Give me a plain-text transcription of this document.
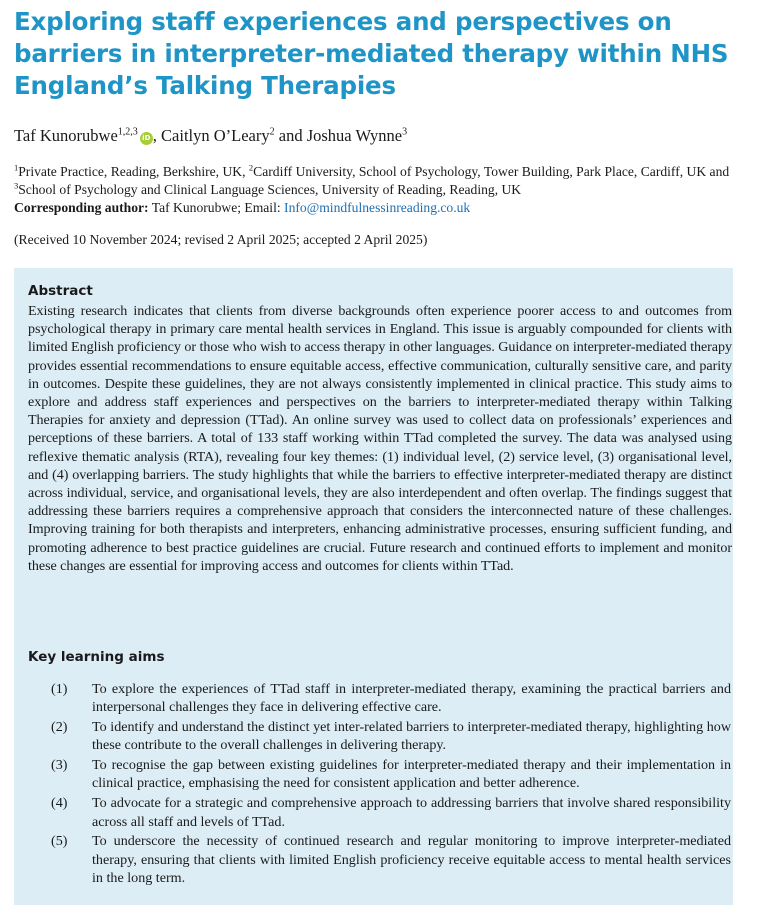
Exploring staff experiences and perspectives on barriers in interpreter-mediated therapy within NHS England’s Talking Therapies
Taf Kunorubwe$^{1,2,3}$iD , Caitlyn O’Leary$^2$ and Joshua Wynne$^3$
$^1$Private Practice, Reading, Berkshire, UK, $^2$Cardiff University, School of Psychology, Tower Building, Park Place, Cardiff, UK and $^3$School of Psychology and Clinical Language Sciences, University of Reading, Reading, UK
Corresponding author: Taf Kunorubwe; Email: Info@mindfulnessinreading.co.uk
(Received 10 November 2024; revised 2 April 2025; accepted 2 April 2025)
Abstract

Existing research indicates that clients from diverse backgrounds often experience poorer access to and outcomes from psychological therapy in primary care mental health services in England. This issue is arguably compounded for clients with limited English proficiency or those who wish to access therapy in other languages. Guidance on interpreter-mediated therapy provides essential recommendations to ensure equitable access, effective communication, culturally sensitive care, and parity in outcomes. Despite these guidelines, they are not always consistently implemented in clinical practice. This study aims to explore and address staff experiences and perspectives on the barriers to interpreter-mediated therapy within Talking Therapies for anxiety and depression (TTad). An online survey was used to collect data on professionals’ experiences and perceptions of these barriers. A total of 133 staff working within TTad completed the survey. The data was analysed using reflexive thematic analysis (RTA), revealing four key themes: (1) individual level, (2) service level, (3) organisational level, and (4) overlapping barriers. The study highlights that while the barriers to effective interpreter-mediated therapy are distinct across individual, service, and organisational levels, they are also interdependent and often overlap. The findings suggest that addressing these barriers requires a comprehensive approach that considers the interconnected nature of these challenges. Improving training for both therapists and interpreters, enhancing administrative processes, ensuring sufficient funding, and promoting adherence to best practice guidelines are crucial. Future research and continued efforts to implement and monitor these changes are essential for improving access and outcomes for clients within TTad.

Key learning aims
(1) To explore the experiences of TTad staff in interpreter-mediated therapy, examining the practical barriers and interpersonal challenges they face in delivering effective care.
(2) To identify and understand the distinct yet inter-related barriers to interpreter-mediated therapy, highlighting how these contribute to the overall challenges in delivering therapy.
(3) To recognise the gap between existing guidelines for interpreter-mediated therapy and their implementation in clinical practice, emphasising the need for consistent application and better adherence.
(4) To advocate for a strategic and comprehensive approach to addressing barriers that involve shared responsibility across all staff and levels of TTad.
(5) To underscore the necessity of continued research and regular monitoring to improve interpreter-mediated therapy, ensuring that clients with limited English proficiency receive equitable access to mental health services in the long term.
